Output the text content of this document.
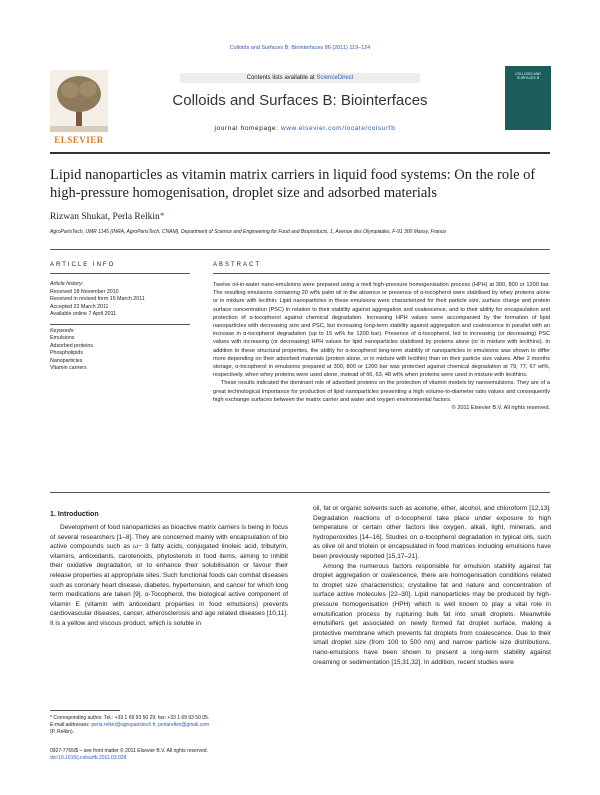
Colloids and Surfaces B: Biointerfaces 86 (2011) 119–124
ELSEVIER
Contents lists available at ScienceDirect
Colloids and Surfaces B: Biointerfaces
journal homepage: www.elsevier.com/locate/colsurfb
COLLOIDS AND SURFACES B
Lipid nanoparticles as vitamin matrix carriers in liquid food systems: On the role of high-pressure homogenisation, droplet size and adsorbed materials
Rizwan Shukat, Perla Relkin*
AgroParisTech, UMR 1145 (INRA, AgroParisTech, CNAM), Department of Science and Engineering for Food and Bioproducts, 1, Avenue des Olympiades, F-91 300 Massy, France
ARTICLE INFO	ABSTRACT
Article history:
Received 18 November 2010
Received in revised form 15 March 2011
Accepted 22 March 2011
Available online 7 April 2011
Keywords:
Emulsions
Adsorbed proteins
Phospholipids
Nanoparticles
Vitamin carriers

Twelve oil-in-water nano-emulsions were prepared using a melt high-pressure homogenisation process (HPH) at 300, 800 or 1200 bar. The resulting emulsions containing 20 wt% palm oil in the absence or presence of α-tocopherol were stabilised by whey proteins alone or in mixture with lecithin. Lipid nanoparticles in these emulsions were characterized for their particle size, surface charge and protein surface concentration (PSC) in relation to their stability against aggregation and coalescence, and to their ability for encapsulation and protection of α-tocopherol against chemical degradation. Increasing HPH values were accompanied by the formation of lipid nanoparticles with decreasing size and PSC, but increasing long-term stability against aggregation and coalescence in parallel with an increase in α-tocopherol degradation (up to 15 wt% for 1200 bar). Presence of α-tocopherol, led to increasing (or decreasing) PSC values with increasing (or decreasing) HPH values for lipid nanoparticles stabilised by proteins alone (or in mixture with lecithins). In addition to these structural properties, the ability for α-tocopherol long-term stability of nanoparticles in emulsions was shown to differ more depending on their adsorbed materials (protein alone, or in mixture with lecithin) than on their particle size values. After 2 months storage, α-tocopherol in emulsions prepared at 300, 800 or 1200 bar was protected against chemical degradation at 79, 77, 67 wt%, respectively, when whey proteins were used alone, instead of 66, 63, 48 wt% when proteins were used in mixture with lecithins.

These results indicated the dominant role of adsorbed proteins on the protection of vitamin models by nanoemulsions. They are of a great technological importance for production of lipid nanoparticles presenting a high volume-to-diameter ratio values and consequently high exchange surfaces between the matrix carrier and water and oxygen environmental factors.

© 2011 Elsevier B.V. All rights reserved.
1. Introduction

Development of food nanoparticles as bioactive matrix carriers is being in focus of several researchers [1–8]. They are concerned mainly with encapsulation of bio active compounds such as ω− 3 fatty acids, conjugated linoleic acid, tributyrin, vitamins, antioxidants, carotenoids, phytosterols in food items, aiming to inhibit their oxidative degradation, or to enhance their solubilisation or favour their release properties at appropriate sites. Such functional foods can combat diseases such as coronary heart disease, diabetes, hypertension, and cancer for which long term medications are taken [9]. α-Tocopherol, the biological active component of vitamin E (vitamin with antioxidant properties in food emulsions) prevents cardiovascular diseases, cancer, atherosclerosis and age related diseases [10,11]. It is a yellow and viscous product, which is soluble in

oil, fat or organic solvents such as acetone, ether, alcohol, and chloroform [12,13]. Degradation reactions of α-tocopherol take place under exposure to high temperature or certain other factors like oxygen, alkali, light, minerals, and hydroperoxides [14–16]. Studies on α-tocopherol degradation in typical oils, such as olive oil and triolein or encapsulated in food matrices including emulsions have been previously reported [15,17–21].

Among the numerous factors responsible for emulsion stability against fat droplet aggregation or coalescence, there are homogenisation conditions related to droplet size characteristics; crystalline fat and nature and concentration of surface active molecules [22–30]. Lipid nanoparticles may be produced by high-pressure homogenisation (HPH) which is well known to play a vital role in emulsification process by rupturing bulk fat into small droplets. Meanwhile emulsifiers get associated on newly formed fat droplet surface, making a protective membrane which prevents fat droplets from coalescence. Due to their small droplet size (from 100 to 500 nm) and narrow particle size distributions, nano-emulsions have been shown to present a long-term stability against creaming or sedimentation [15,31,32]. In addition, recent studies were

* Corresponding author. Tel.: +33 1 69 93 50 29; fax: +33 1 69 93 50 05.
E-mail addresses: perla.relkin@agroparistech.fr, perlarelkin@gmail.com
(P. Relkin).
0927-7765/$ – see front matter © 2011 Elsevier B.V. All rights reserved.
doi:10.1016/j.colsurfb.2011.03.028
